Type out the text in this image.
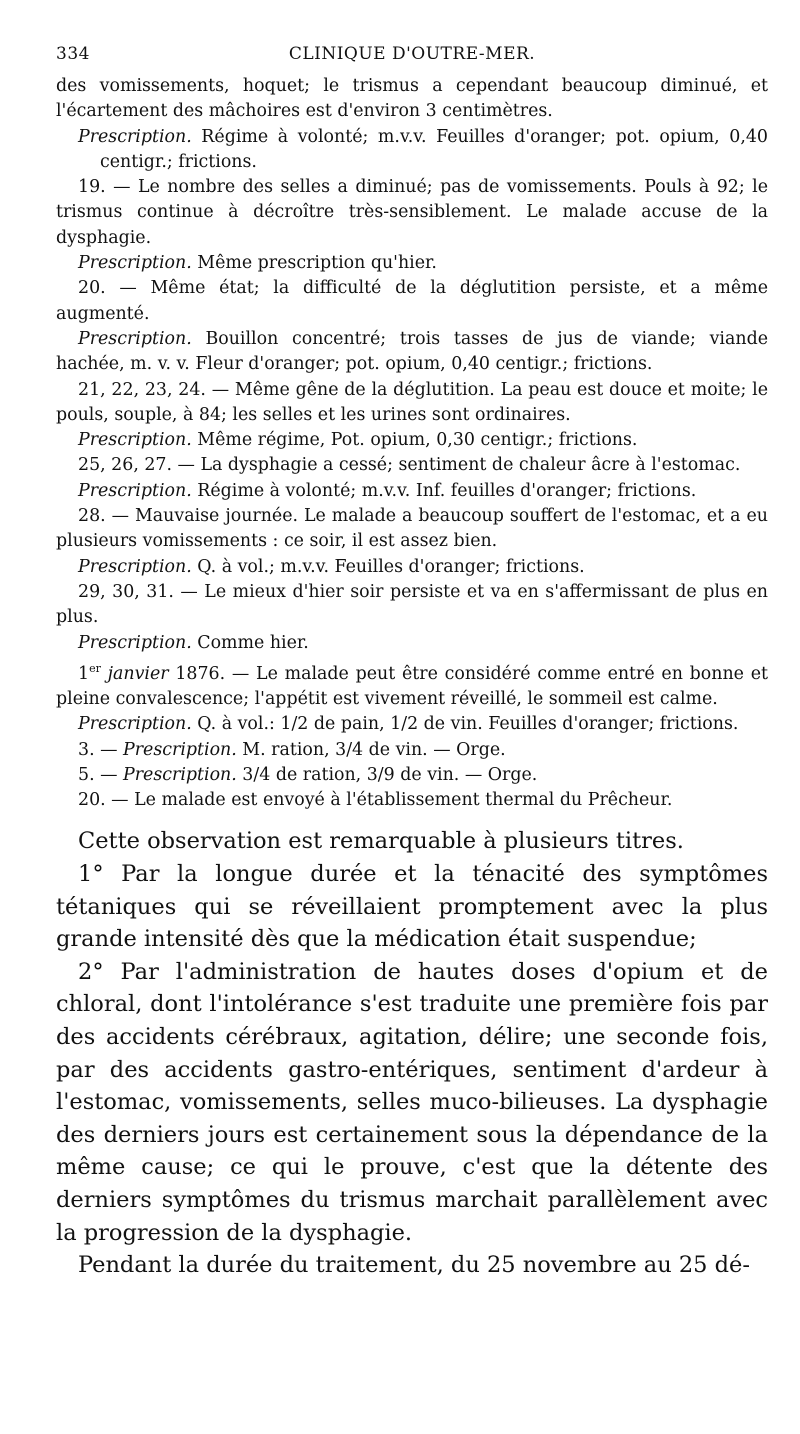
334	CLINIQUE D'OUTRE-MER.

des vomissements, hoquet; le trismus a cependant beaucoup diminué, et l'écartement des mâchoires est d'environ 3 centimètres.

Prescription. Régime à volonté; m.v.v. Feuilles d'oranger; pot. opium, 0,40 centigr.; frictions.

19. — Le nombre des selles a diminué; pas de vomissements. Pouls à 92; le trismus continue à décroître très-sensiblement. Le malade accuse de la dysphagie.

Prescription. Même prescription qu'hier.

20. — Même état; la difficulté de la déglutition persiste, et a même augmenté.

Prescription. Bouillon concentré; trois tasses de jus de viande; viande hachée, m. v. v. Fleur d'oranger; pot. opium, 0,40 centigr.; frictions.

21, 22, 23, 24. — Même gêne de la déglutition. La peau est douce et moite; le pouls, souple, à 84; les selles et les urines sont ordinaires.

Prescription. Même régime, Pot. opium, 0,30 centigr.; frictions.

25, 26, 27. — La dysphagie a cessé; sentiment de chaleur âcre à l'estomac.

Prescription. Régime à volonté; m.v.v. Inf. feuilles d'oranger; frictions.

28. — Mauvaise journée. Le malade a beaucoup souffert de l'estomac, et a eu plusieurs vomissements : ce soir, il est assez bien.

Prescription. Q. à vol.; m.v.v. Feuilles d'oranger; frictions.

29, 30, 31. — Le mieux d'hier soir persiste et va en s'affermissant de plus en plus.

Prescription. Comme hier.

1er janvier 1876. — Le malade peut être considéré comme entré en bonne et pleine convalescence; l'appétit est vivement réveillé, le sommeil est calme.

Prescription. Q. à vol.: 1/2 de pain, 1/2 de vin. Feuilles d'oranger; frictions.

3. — Prescription. M. ration, 3/4 de vin. — Orge.

5. — Prescription. 3/4 de ration, 3/9 de vin. — Orge.

20. — Le malade est envoyé à l'établissement thermal du Prêcheur.

Cette observation est remarquable à plusieurs titres.

1° Par la longue durée et la ténacité des symptômes tétaniques qui se réveillaient promptement avec la plus grande intensité dès que la médication était suspendue;

2° Par l'administration de hautes doses d'opium et de chloral, dont l'intolérance s'est traduite une première fois par des accidents cérébraux, agitation, délire; une seconde fois, par des accidents gastro-entériques, sentiment d'ardeur à l'estomac, vomissements, selles muco-bilieuses. La dysphagie des derniers jours est certainement sous la dépendance de la même cause; ce qui le prouve, c'est que la détente des derniers symptômes du trismus marchait parallèlement avec la progression de la dysphagie.

Pendant la durée du traitement, du 25 novembre au 25 dé-
